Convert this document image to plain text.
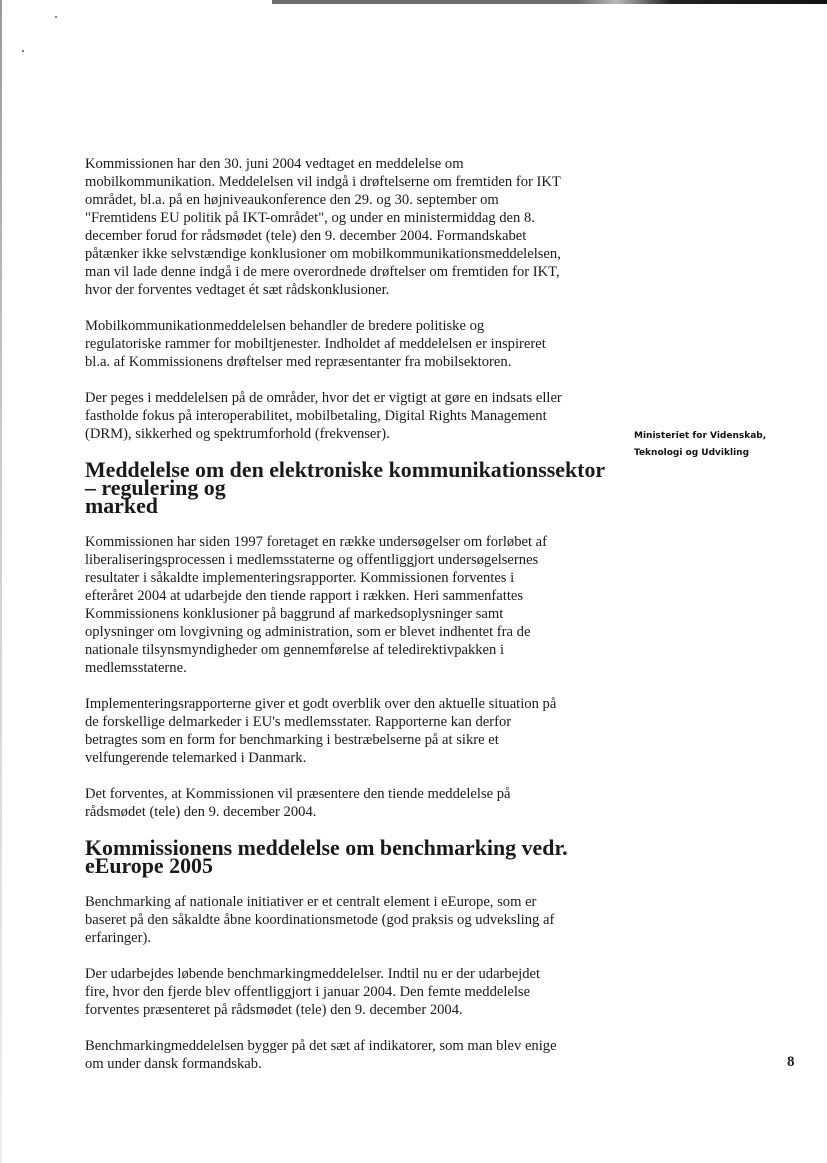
Kommissionen har den 30. juni 2004 vedtaget en meddelelse om
mobilkommunikation. Meddelelsen vil indgå i drøftelserne om fremtiden for IKT
området, bl.a. på en højniveaukonference den 29. og 30. september om
"Fremtidens EU politik på IKT-området", og under en ministermiddag den 8.
december forud for rådsmødet (tele) den 9. december 2004. Formandskabet
påtænker ikke selvstændige konklusioner om mobilkommunikationsmeddelelsen,
man vil lade denne indgå i de mere overordnede drøftelser om fremtiden for IKT,
hvor der forventes vedtaget ét sæt rådskonklusioner.

Mobilkommunikationmeddelelsen behandler de bredere politiske og
regulatoriske rammer for mobiltjenester. Indholdet af meddelelsen er inspireret
bl.a. af Kommissionens drøftelser med repræsentanter fra mobilsektoren.

Der peges i meddelelsen på de områder, hvor det er vigtigt at gøre en indsats eller
fastholde fokus på interoperabilitet, mobilbetaling, Digital Rights Management
(DRM), sikkerhed og spektrumforhold (frekvenser).

Meddelelse om den elektroniske kommunikationssektor – regulering og
marked

Kommissionen har siden 1997 foretaget en række undersøgelser om forløbet af
liberaliseringsprocessen i medlemsstaterne og offentliggjort undersøgelsernes
resultater i såkaldte implementeringsrapporter. Kommissionen forventes i
efteråret 2004 at udarbejde den tiende rapport i rækken. Heri sammenfattes
Kommissionens konklusioner på baggrund af markedsoplysninger samt
oplysninger om lovgivning og administration, som er blevet indhentet fra de
nationale tilsynsmyndigheder om gennemførelse af teledirektivpakken i
medlemsstaterne.

Implementeringsrapporterne giver et godt overblik over den aktuelle situation på
de forskellige delmarkeder i EU's medlemsstater. Rapporterne kan derfor
betragtes som en form for benchmarking i bestræbelserne på at sikre et
velfungerende telemarked i Danmark.

Det forventes, at Kommissionen vil præsentere den tiende meddelelse på
rådsmødet (tele) den 9. december 2004.

Kommissionens meddelelse om benchmarking vedr. eEurope 2005

Benchmarking af nationale initiativer er et centralt element i eEurope, som er
baseret på den såkaldte åbne koordinationsmetode (god praksis og udveksling af
erfaringer).

Der udarbejdes løbende benchmarkingmeddelelser. Indtil nu er der udarbejdet
fire, hvor den fjerde blev offentliggjort i januar 2004. Den femte meddelelse
forventes præsenteret på rådsmødet (tele) den 9. december 2004.

Benchmarkingmeddelelsen bygger på det sæt af indikatorer, som man blev enige
om under dansk formandskab.

Ministeriet for Videnskab,
Teknologi og Udvikling
8
